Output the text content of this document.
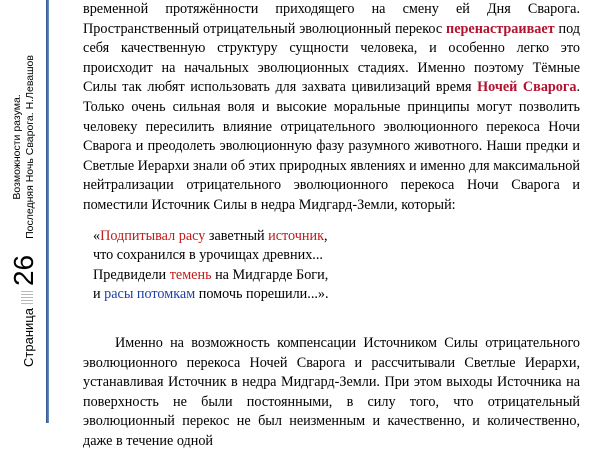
Страница
26
Возможности разума. Последняя Ночь Сварога. Н.Левашов

временной протяжённости приходящего на смену ей Дня Сварога. Пространственный отрицательный эволюционный перекос перенастраивает под себя качественную структуру сущности человека, и особенно легко это происходит на начальных эволюционных стадиях. Именно поэтому Тёмные Силы так любят использовать для захвата цивилизаций время Ночей Сварога. Только очень сильная воля и высокие моральные принципы могут позволить человеку пересилить влияние отрицательного эволюционного перекоса Ночи Сварога и преодолеть эволюционную фазу разумного животного. Наши предки и Светлые Иерархи знали об этих природных явлениях и именно для максимальной нейтрализации отрицательного эволюционного перекоса Ночи Сварога и поместили Источник Силы в недра Мидгард-Земли, который:

«Подпитывал расу заветный источник,
что сохранился в урочищах древних...
Предвидели темень на Мидгарде Боги,
и расы потомкам помочь порешили...».

Именно на возможность компенсации Источником Силы отрицательного эволюционного перекоса Ночей Сварога и рассчитывали Светлые Иерархи, устанавливая Источник в недра Мидгард-Земли. При этом выходы Источника на поверхность не были постоянными, в силу того, что отрицательный эволюционный перекос не был неизменным и качественно, и количественно, даже в течение одной
